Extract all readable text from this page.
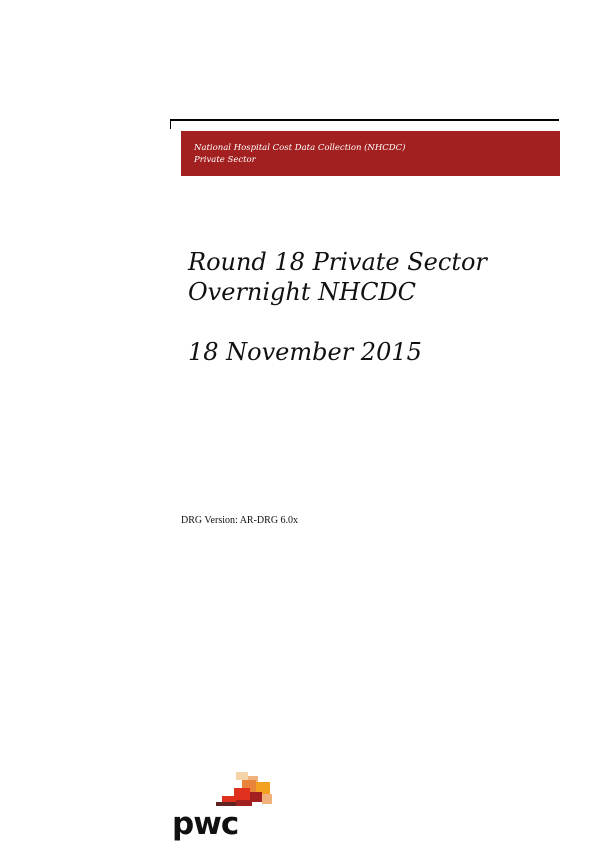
National Hospital Cost Data Collection (NHCDC)
Private Sector
Round 18 Private Sector
Overnight NHCDC
18 November 2015
DRG Version: AR-DRG 6.0x
pwc
